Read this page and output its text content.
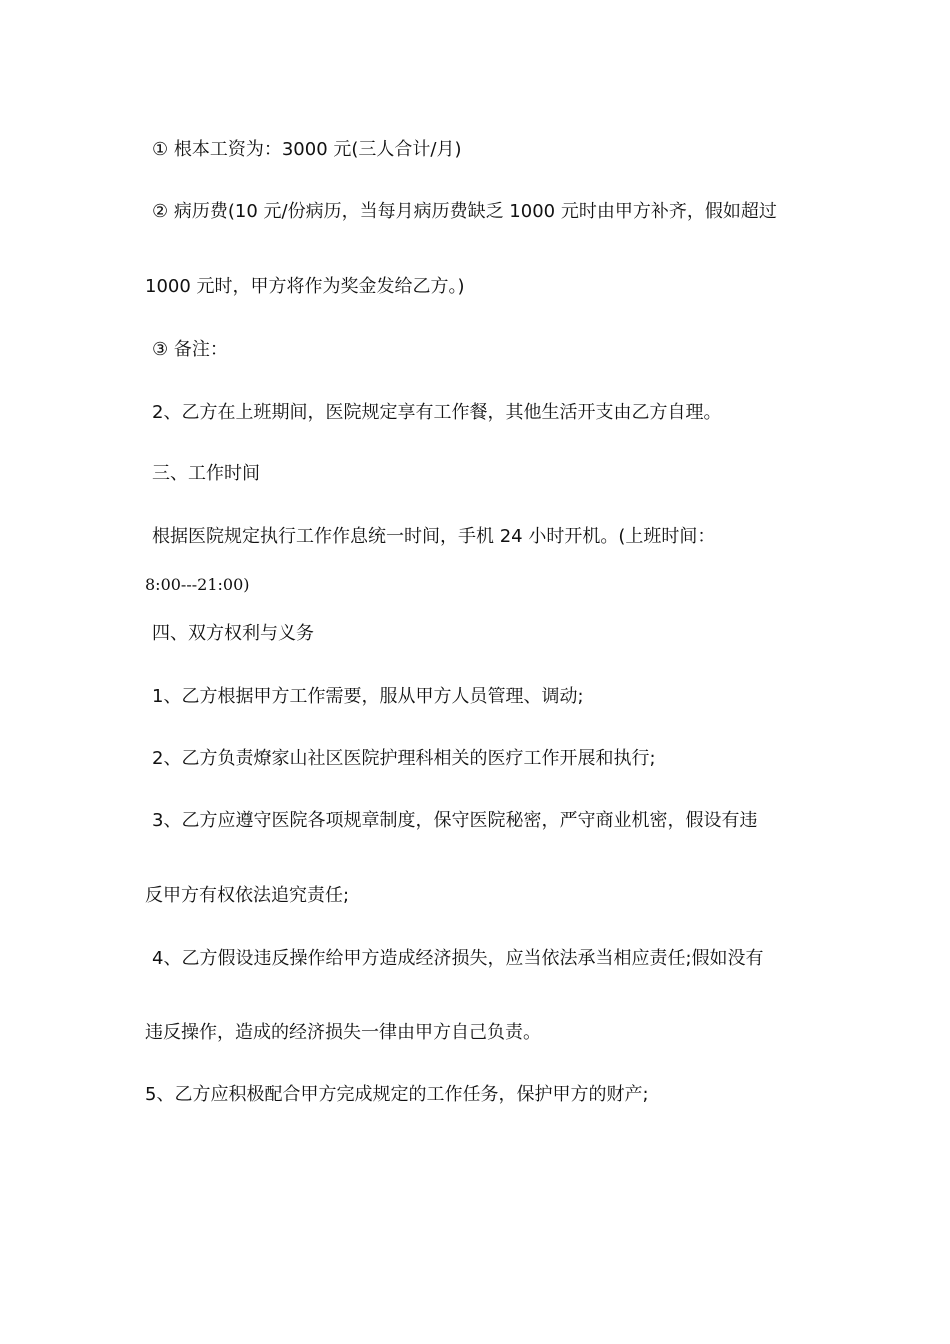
① 根本工资为：3000 元(三人合计/月)
② 病历费(10 元/份病历，当每月病历费缺乏 1000 元时由甲方补齐，假如超过
1000 元时，甲方将作为奖金发给乙方。)
③ 备注：
2、乙方在上班期间，医院规定享有工作餐，其他生活开支由乙方自理。
三、工作时间
根据医院规定执行工作作息统一时间，手机 24 小时开机。(上班时间：
8:00---21:00)
四、双方权利与义务
1、乙方根据甲方工作需要，服从甲方人员管理、调动;
2、乙方负责燎家山社区医院护理科相关的医疗工作开展和执行;
3、乙方应遵守医院各项规章制度，保守医院秘密，严守商业机密，假设有违
反甲方有权依法追究责任;
4、乙方假设违反操作给甲方造成经济损失，应当依法承当相应责任;假如没有
违反操作，造成的经济损失一律由甲方自己负责。
5、乙方应积极配合甲方完成规定的工作任务，保护甲方的财产;
